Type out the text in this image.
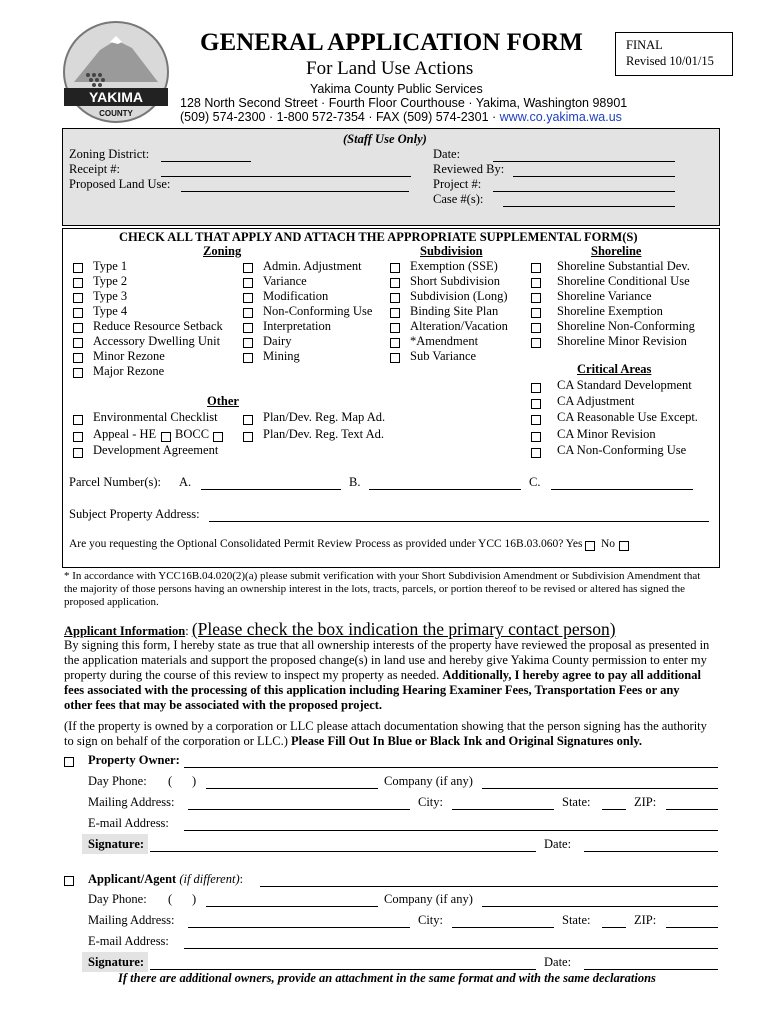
YAKIMA
COUNTY
GENERAL APPLICATION FORM
For Land Use Actions
Yakima County Public Services
128 North Second Street · Fourth Floor Courthouse · Yakima, Washington 98901
(509) 574-2300 · 1-800 572-7354 · FAX (509) 574-2301 · www.co.yakima.wa.us
FINAL
Revised 10/01/15
(Staff Use Only)
Zoning District:
Receipt #:
Proposed Land Use:
Date:
Reviewed By:
Project #:
Case #(s):
CHECK ALL THAT APPLY AND ATTACH THE APPROPRIATE SUPPLEMENTAL FORM(S)
Zoning	Subdivision	Shoreline
Type 1
Type 2
Type 3
Type 4
Reduce Resource Setback
Accessory Dwelling Unit
Minor Rezone
Major Rezone
Admin. Adjustment
Variance
Modification
Non-Conforming Use
Interpretation
Dairy
Mining
Exemption (SSE)
Short Subdivision
Subdivision (Long)
Binding Site Plan
Alteration/Vacation
*Amendment
Sub Variance
Shoreline Substantial Dev.
Shoreline Conditional Use
Shoreline Variance
Shoreline Exemption
Shoreline Non-Conforming
Shoreline Minor Revision
Critical Areas
CA Standard Development
CA Adjustment
CA Reasonable Use Except.
CA Minor Revision
CA Non-Conforming Use
Other
Environmental Checklist
Appeal - HE BOCC
Development Agreement
Plan/Dev. Reg. Map Ad.
Plan/Dev. Reg. Text Ad.
Parcel Number(s): A.	B.	C.
Subject Property Address:
Are you requesting the Optional Consolidated Permit Review Process as provided under YCC 16B.03.060? Yes No
* In accordance with YCC16B.04.020(2)(a) please submit verification with your Short Subdivision Amendment or Subdivision Amendment that the majority of those persons having an ownership interest in the lots, tracts, parcels, or portion thereof to be revised or altered has signed the proposed application.
Applicant Information: (Please check the box indication the primary contact person)
By signing this form, I hereby state as true that all ownership interests of the property have reviewed the proposal as presented in the application materials and support the proposed change(s) in land use and hereby give Yakima County permission to enter my property during the course of this review to inspect my property as needed. Additionally, I hereby agree to pay all additional fees associated with the processing of this application including Hearing Examiner Fees, Transportation Fees or any other fees that may be associated with the proposed project.
(If the property is owned by a corporation or LLC please attach documentation showing that the person signing has the authority to sign on behalf of the corporation or LLC.) Please Fill Out In Blue or Black Ink and Original Signatures only.
Property Owner:
Day Phone: ( )	Company (if any)
Mailing Address:	City:	State:	ZIP:
E-mail Address:
Signature:	Date:
Applicant/Agent (if different):
Day Phone: ( )	Company (if any)
Mailing Address:	City:	State:	ZIP:
E-mail Address:
Signature:	Date:
If there are additional owners, provide an attachment in the same format and with the same declarations
